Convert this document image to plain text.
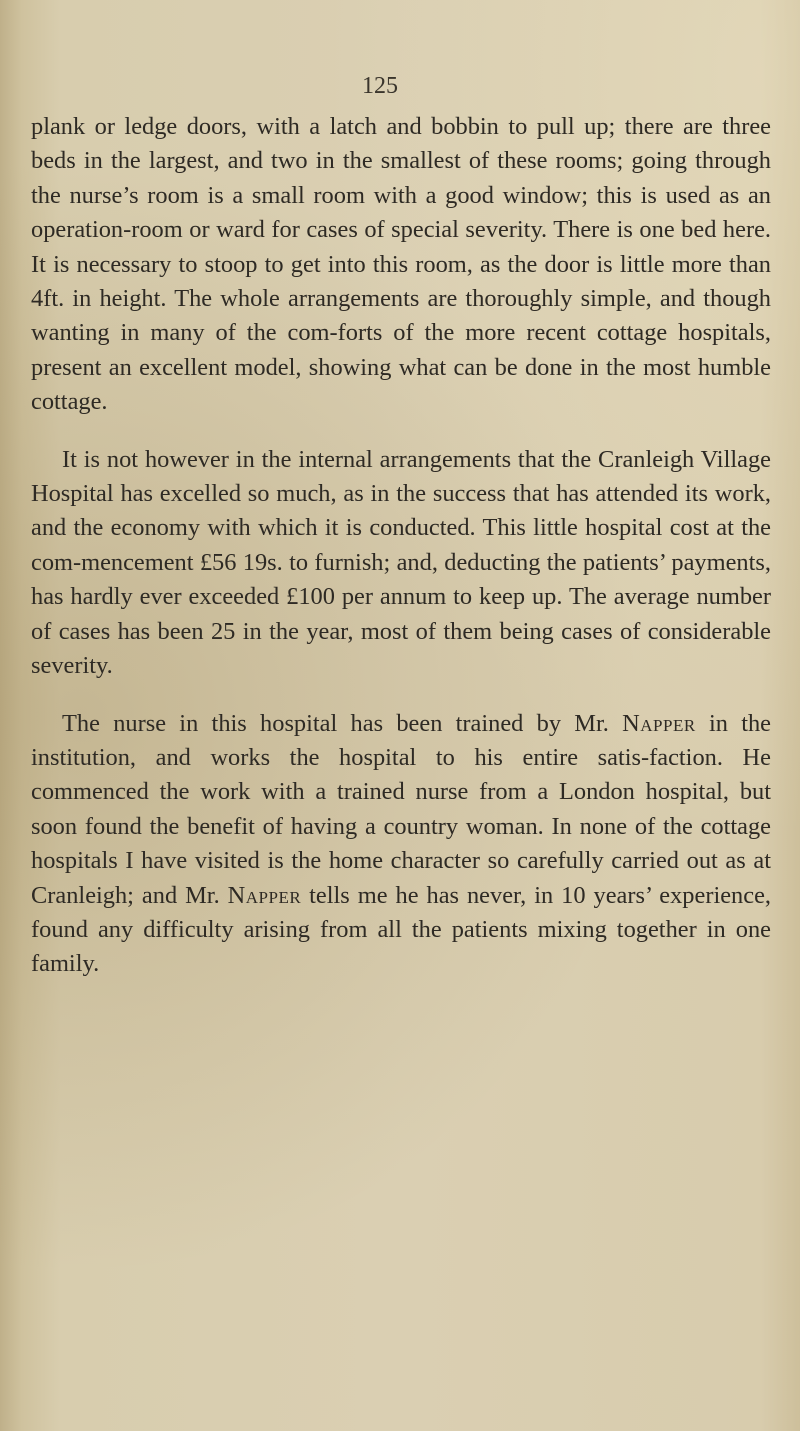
125

plank or ledge doors, with a latch and bobbin to pull up; there are three beds in the largest, and two in the smallest of these rooms; going through the nurse’s room is a small room with a good window; this is used as an operation-room or ward for cases of special severity. There is one bed here. It is necessary to stoop to get into this room, as the door is little more than 4ft. in height. The whole arrangements are thoroughly simple, and though wanting in many of the com-forts of the more recent cottage hospitals, present an excellent model, showing what can be done in the most humble cottage.

It is not however in the internal arrangements that the Cranleigh Village Hospital has excelled so much, as in the success that has attended its work, and the economy with which it is conducted. This little hospital cost at the com-mencement £56 19s. to furnish; and, deducting the patients’ payments, has hardly ever exceeded £100 per annum to keep up. The average number of cases has been 25 in the year, most of them being cases of considerable severity.

The nurse in this hospital has been trained by Mr. Napper in the institution, and works the hospital to his entire satis-faction. He commenced the work with a trained nurse from a London hospital, but soon found the benefit of having a country woman. In none of the cottage hospitals I have visited is the home character so carefully carried out as at Cranleigh; and Mr. Napper tells me he has never, in 10 years’ experience, found any difficulty arising from all the patients mixing together in one family.
